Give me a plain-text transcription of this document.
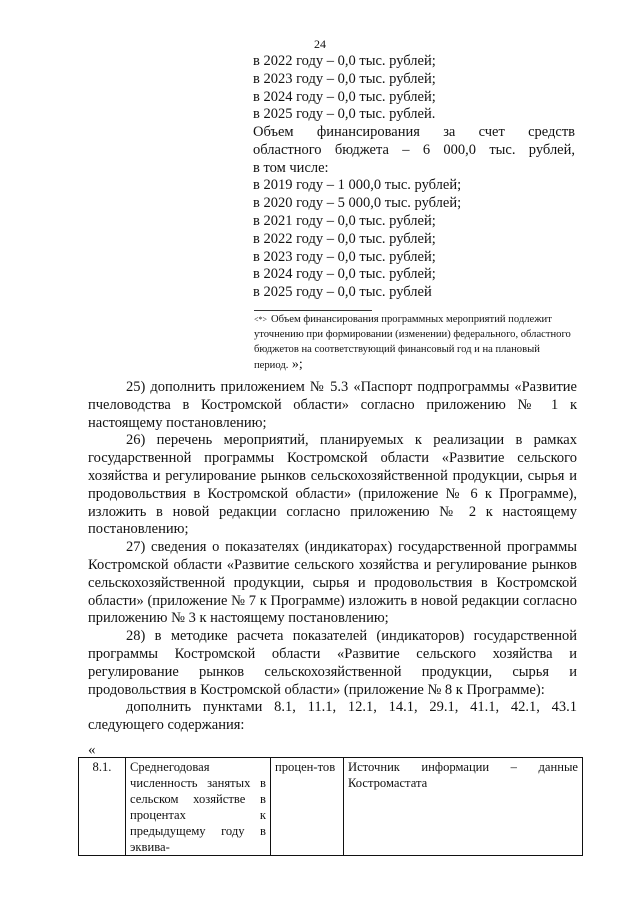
24
в 2022 году – 0,0 тыс. рублей;
в 2023 году – 0,0 тыс. рублей;
в 2024 году – 0,0 тыс. рублей;
в 2025 году – 0,0 тыс. рублей.
Объем финансирования за счет средств
областного бюджета – 6 000,0 тыс. рублей,
в том числе:
в 2019 году – 1 000,0 тыс. рублей;
в 2020 году – 5 000,0 тыс. рублей;
в 2021 году – 0,0 тыс. рублей;
в 2022 году – 0,0 тыс. рублей;
в 2023 году – 0,0 тыс. рублей;
в 2024 году – 0,0 тыс. рублей;
в 2025 году – 0,0 тыс. рублей
<*> Объем финансирования программных мероприятий подлежит уточнению при формировании (изменении) федерального, областного бюджетов на соответствующий финансовый год и на плановый период. »;

25) дополнить приложением № 5.3 «Паспорт подпрограммы «Развитие пчеловодства в Костромской области» согласно приложению № 1 к настоящему постановлению;

26) перечень мероприятий, планируемых к реализации в рамках государственной программы Костромской области «Развитие сельского хозяйства и регулирование рынков сельскохозяйственной продукции, сырья и продовольствия в Костромской области» (приложение № 6 к Программе), изложить в новой редакции согласно приложению № 2 к настоящему постановлению;

27) сведения о показателях (индикаторах) государственной программы Костромской области «Развитие сельского хозяйства и регулирование рынков сельскохозяйственной продукции, сырья и продовольствия в Костромской области» (приложение № 7 к Программе) изложить в новой редакции согласно приложению № 3 к настоящему постановлению;

28) в методике расчета показателей (индикаторов) государственной программы Костромской области «Развитие сельского хозяйства и регулирование рынков сельскохозяйственной продукции, сырья и продовольствия в Костромской области» (приложение № 8 к Программе):

дополнить пунктами 8.1, 11.1, 12.1, 14.1, 29.1, 41.1, 42.1, 43.1 следующего содержания:

«
8.1.	Среднегодовая численность занятых в сельском хозяйстве в процентах к предыдущему году в эквива-	процен-тов	Источник информации – данные Костромастата
